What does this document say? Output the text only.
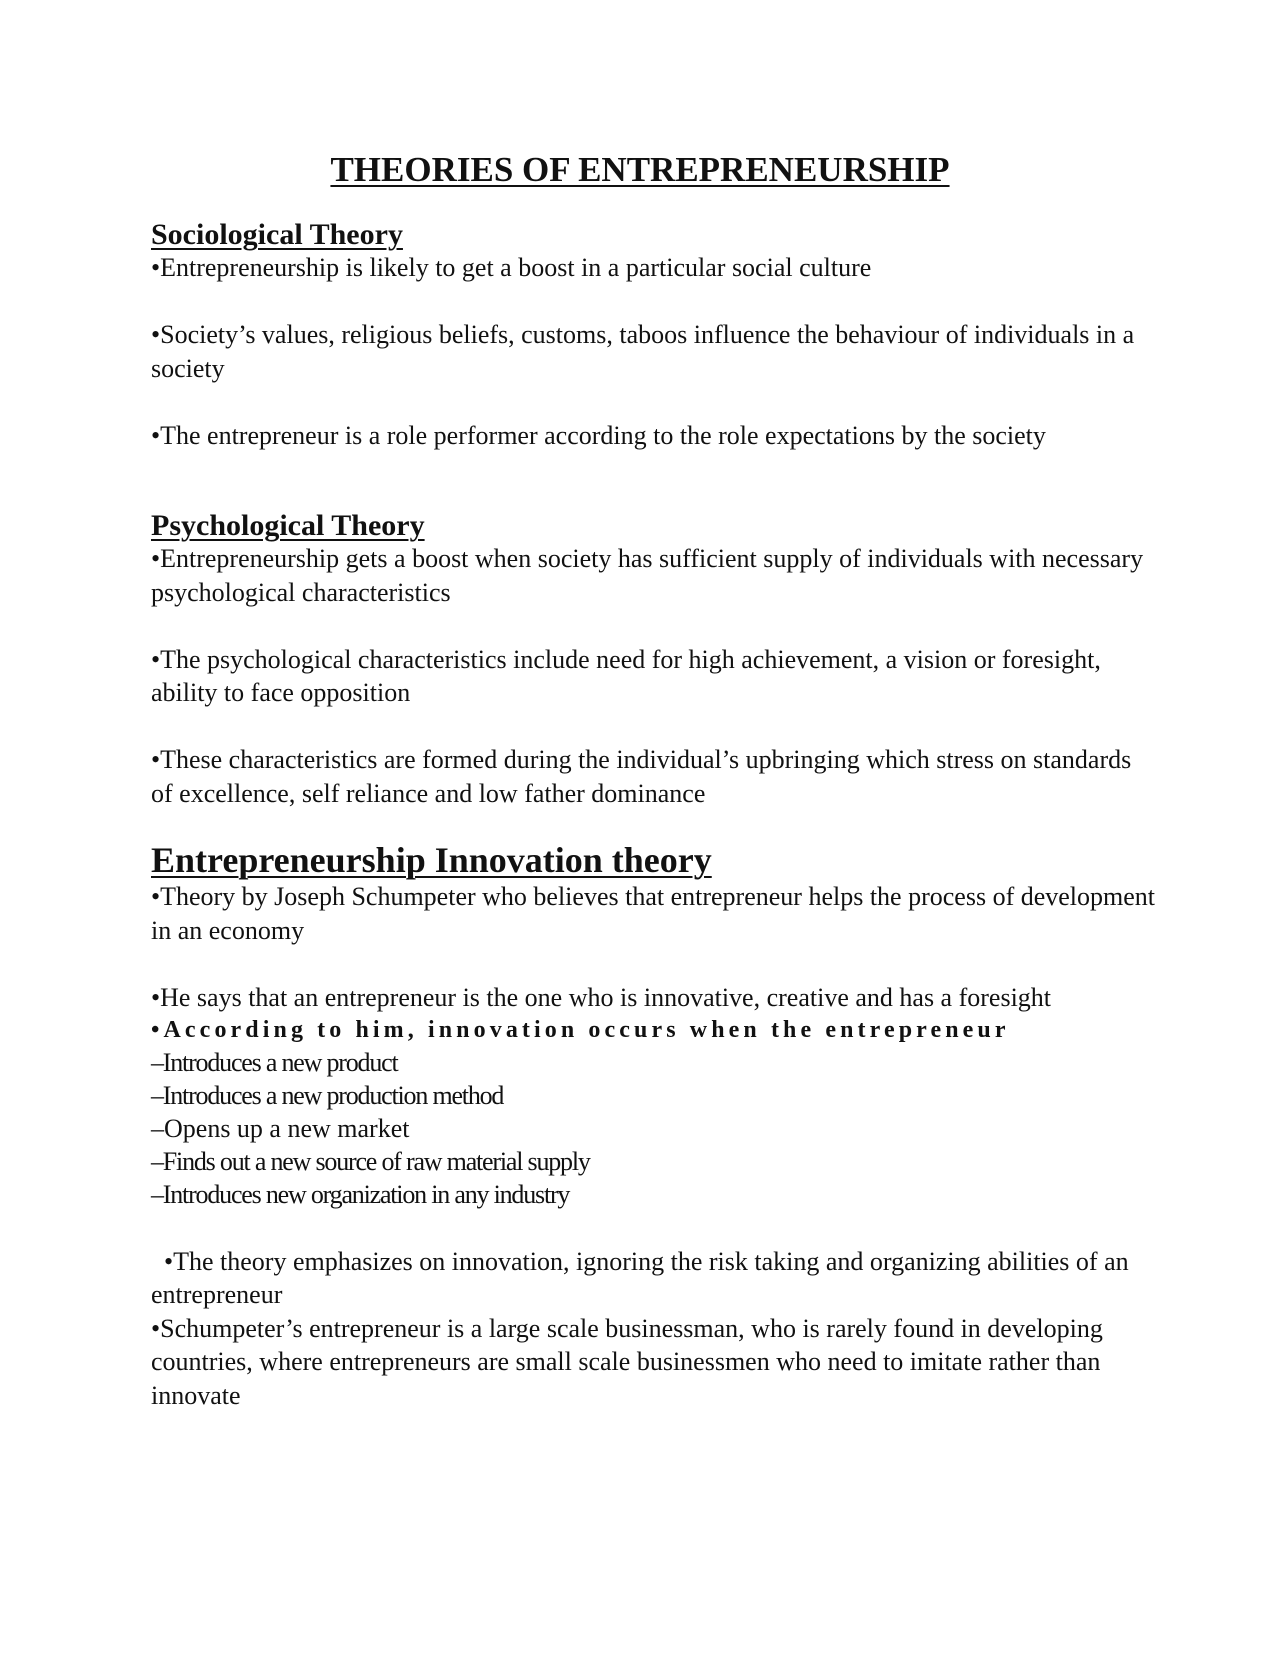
THEORIES OF ENTREPRENEURSHIP
Sociological Theory

•Entrepreneurship is likely to get a boost in a particular social culture

•Society’s values, religious beliefs, customs, taboos influence the behaviour of individuals in a society

•The entrepreneur is a role performer according to the role expectations by the society

Psychological Theory

•Entrepreneurship gets a boost when society has sufficient supply of individuals with necessary psychological characteristics

•The psychological characteristics include need for high achievement, a vision or foresight, ability to face opposition

•These characteristics are formed during the individual’s upbringing which stress on standards of excellence, self reliance and low father dominance

Entrepreneurship Innovation theory

•Theory by Joseph Schumpeter who believes that entrepreneur helps the process of development in an economy

•He says that an entrepreneur is the one who is innovative, creative and has a foresight

•According to him, innovation occurs when the entrepreneur

–Introduces a new product

–Introduces a new production method

–Opens up a new market

–Finds out a new source of raw material supply

–Introduces new organization in any industry

•The theory emphasizes on innovation, ignoring the risk taking and organizing abilities of an entrepreneur

•Schumpeter’s entrepreneur is a large scale businessman, who is rarely found in developing countries, where entrepreneurs are small scale businessmen who need to imitate rather than innovate
